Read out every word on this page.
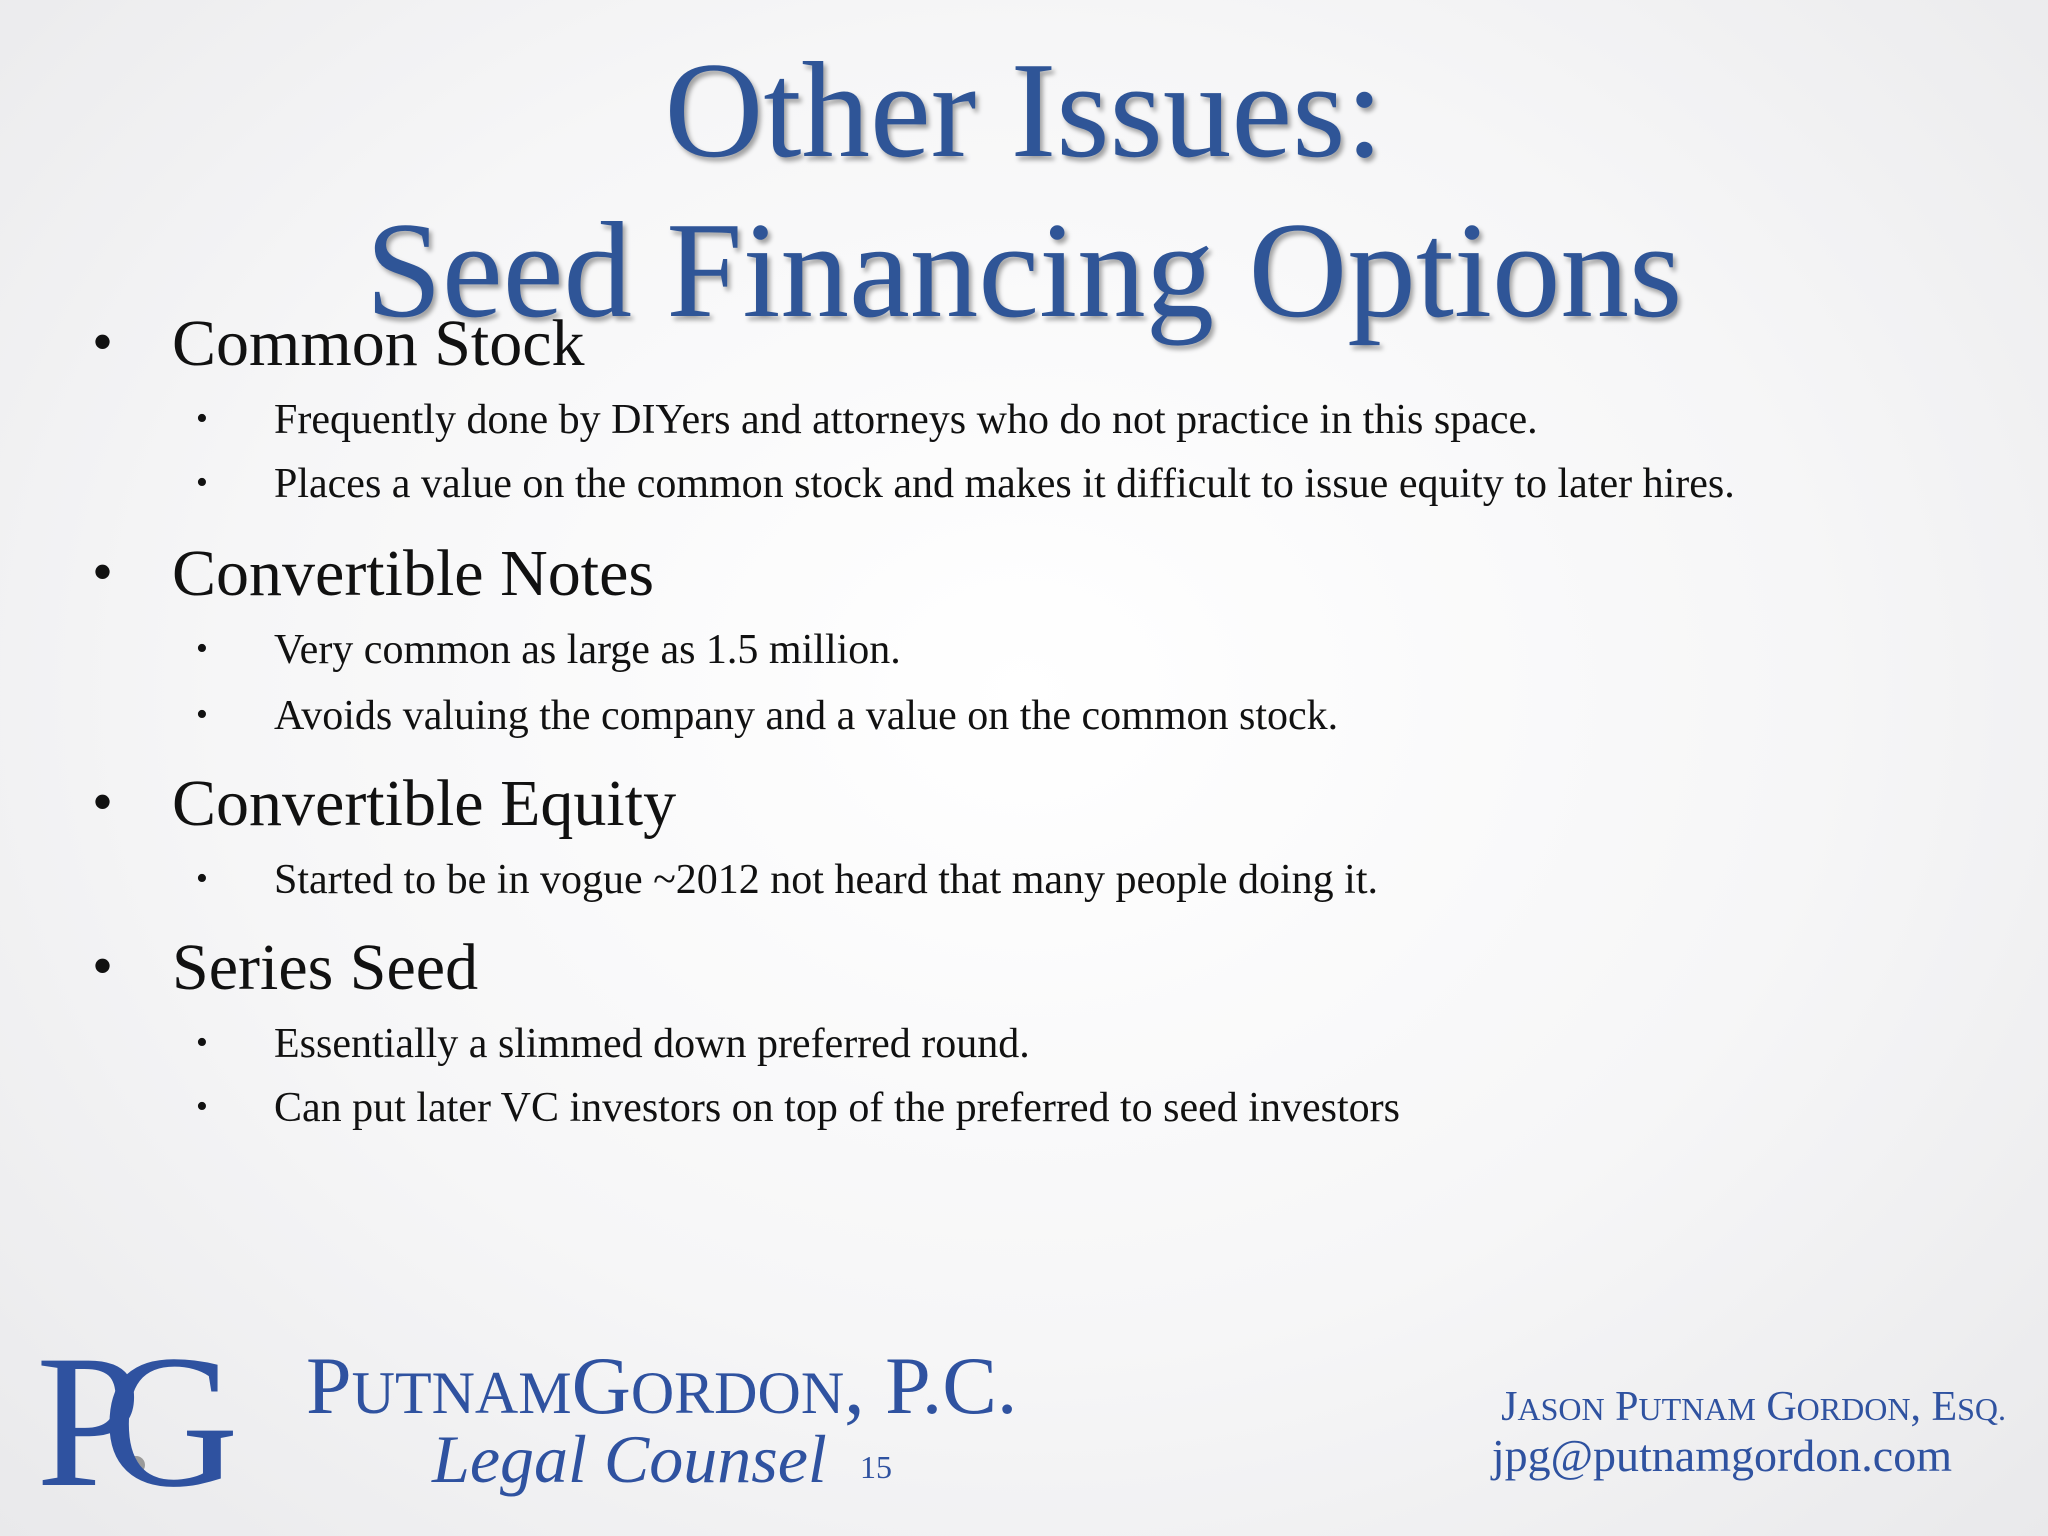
Other Issues:
Seed Financing Options
• Common Stock
• Frequently done by DIYers and attorneys who do not practice in this space.
• Places a value on the common stock and makes it difficult to issue equity to later hires.
• Convertible Notes
• Very common as large as 1.5 million.
• Avoids valuing the company and a value on the common stock.
• Convertible Equity
• Started to be in vogue ~2012 not heard that many people doing it.
• Series Seed
• Essentially a slimmed down preferred round.
• Can put later VC investors on top of the preferred to seed investors
PG	PUTNAMGORDON, P.C.
Legal Counsel 15
JASON PUTNAM GORDON, ESQ.
jpg@putnamgordon.com
